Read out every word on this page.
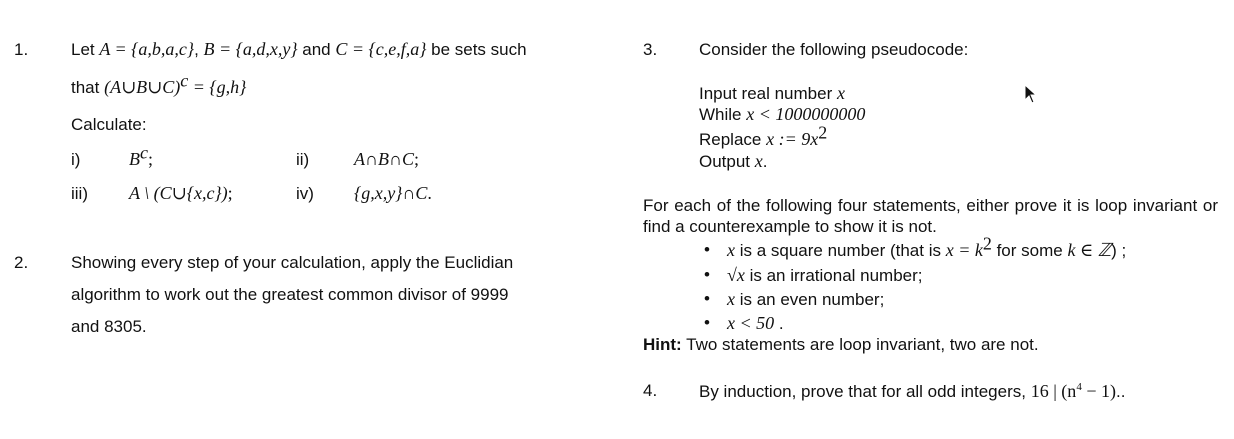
1.	Let A = {a,b,a,c}, B = {a,d,x,y} and C = {c,e,f,a} be sets such
that (A∪B∪C)$^c$ = {g,h}
Calculate:
i)	$B^c$;	ii) A∩B∩C;
iii) A \ (C∪{x,c});	iv) {g,x,y}∩C.
2.	Showing every step of your calculation, apply the Euclidian
algorithm to work out the greatest common divisor of 9999
and 8305.
3. Consider the following pseudocode:
Input real number x
While x < 1000000000
Replace x := $9x^2$
Output x.
For each of the following four statements, either prove it is loop invariant or find a counterexample to show it is not.
• x is a square number (that is $x = k^2$ for some k ∈ ℤ) ;
• √x is an irrational number;
• x is an even number;
• x < 50 .
Hint: Two statements are loop invariant, two are not.
4. By induction, prove that for all odd integers, 16 | $(n^4 - 1)$..
